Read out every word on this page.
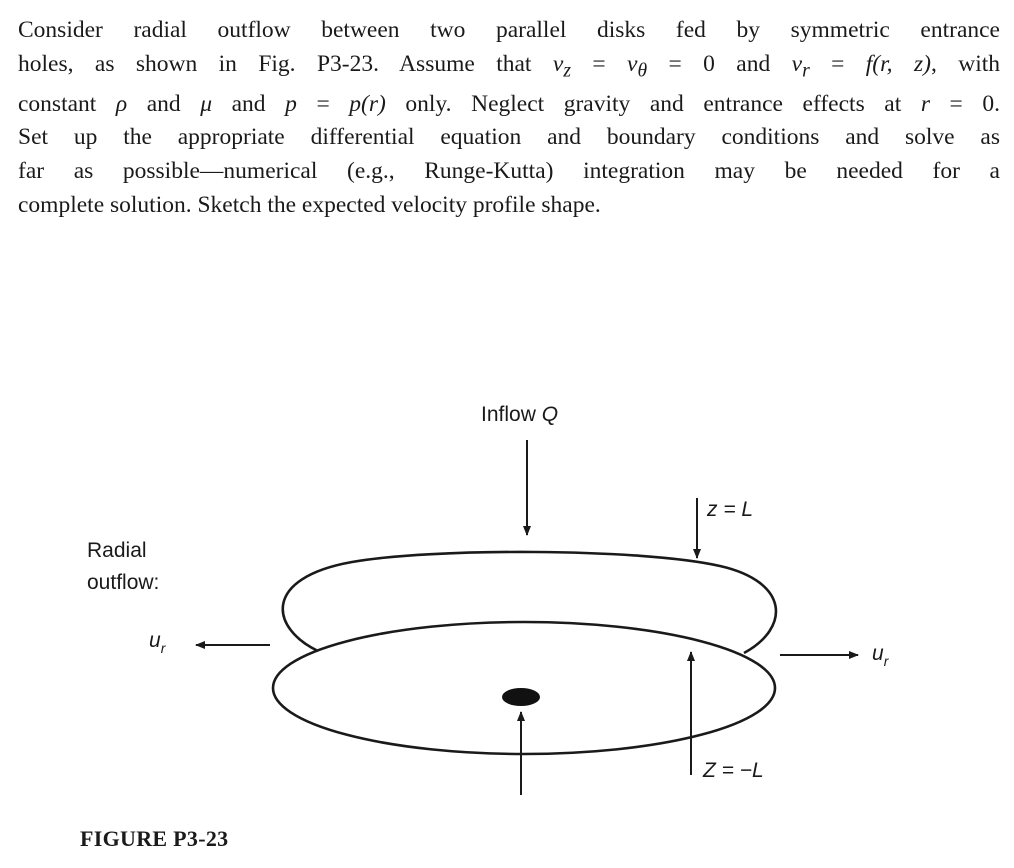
Consider radial outflow between two parallel disks fed by symmetric entrance
holes, as shown in Fig. P3-23. Assume that $v_z = v_\theta = 0$ and $v_r = f(r$, z), with
constant ρ and μ and p = p(r) only. Neglect gravity and entrance effects at r = 0.
Set up the appropriate differential equation and boundary conditions and solve as
far as possible—numerical (e.g., Runge-Kutta) integration may be needed for a
complete solution. Sketch the expected velocity profile shape.
Inflow Q
z = L
Z = −L
Radial
outflow:
$u_r$	$u_r$
FIGURE P3-23
